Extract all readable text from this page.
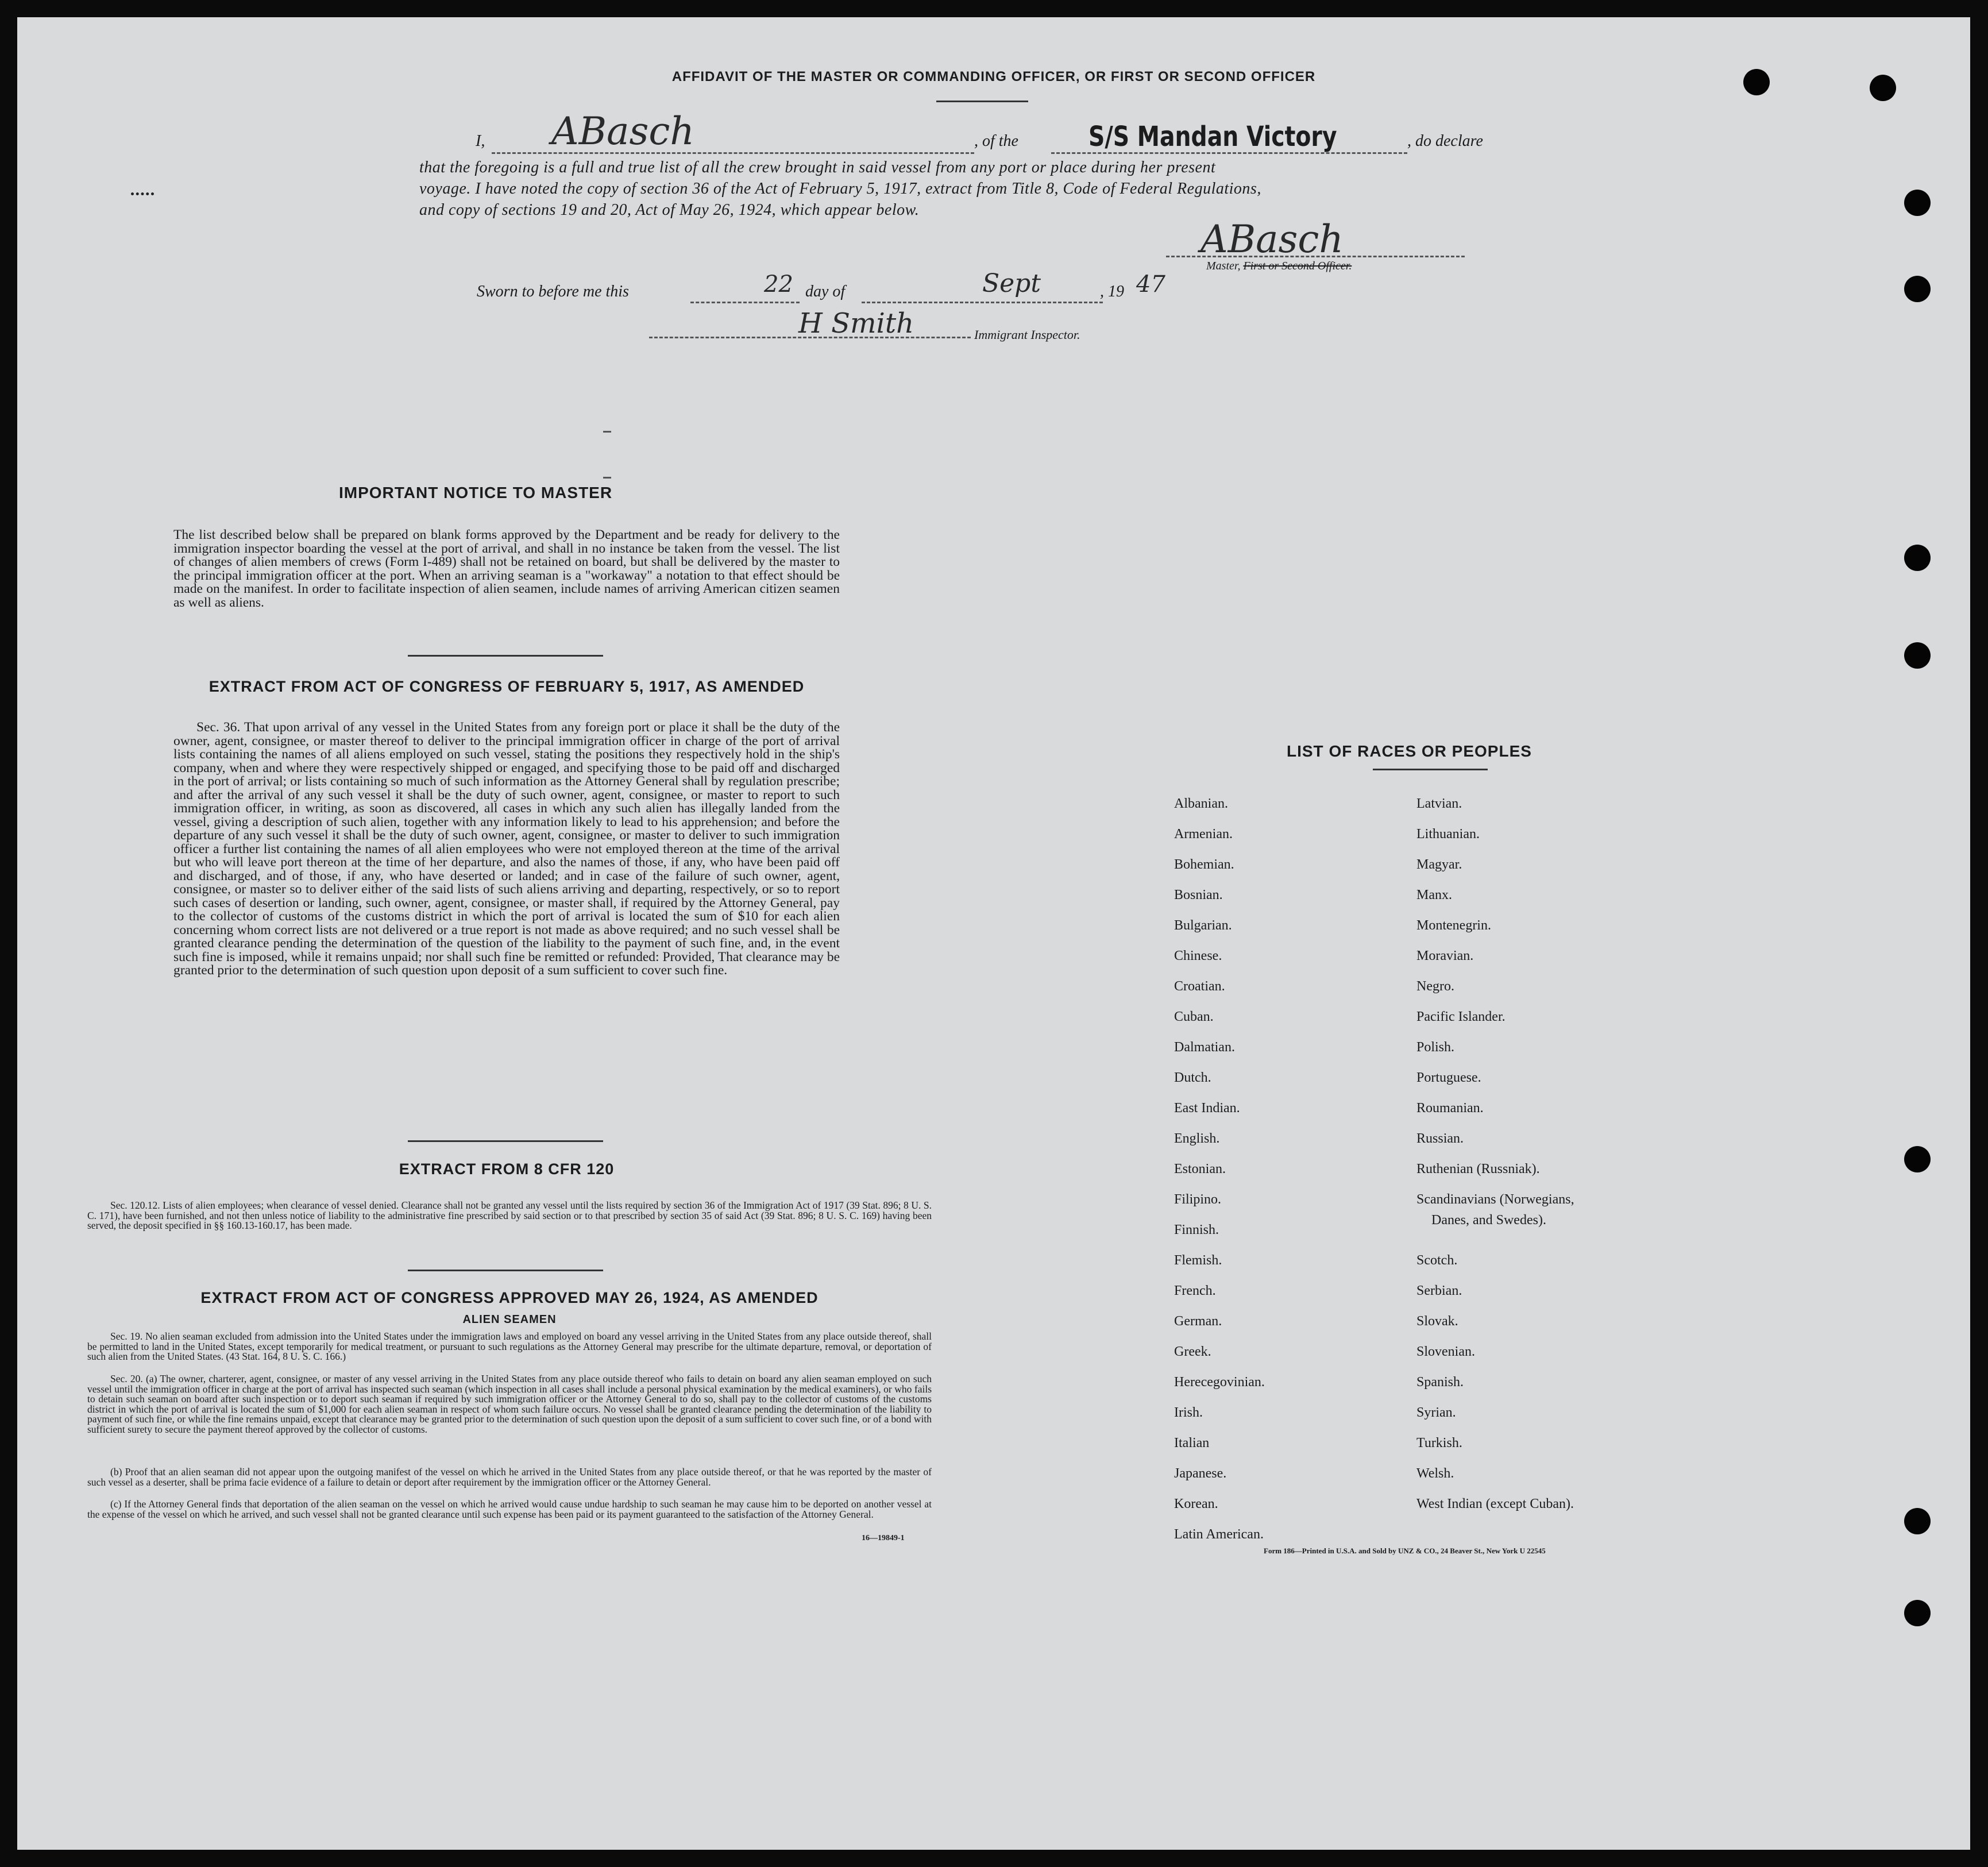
AFFIDAVIT OF THE MASTER OR COMMANDING OFFICER, OR FIRST OR SECOND OFFICER
I, ABasch	, of the	S/S Mandan Victory	, do declare
that the foregoing is a full and true list of all the crew brought in said vessel from any port or place during her present
voyage. I have noted the copy of section 36 of the Act of February 5, 1917, extract from Title 8, Code of Federal Regulations,
and copy of sections 19 and 20, Act of May 26, 1924, which appear below.
ABasch
Master, First or Second Officer.
Sworn to before me this	22 day of	Sept	, 19 47
H Smith	Immigrant Inspector.
IMPORTANT NOTICE TO MASTER
The list described below shall be prepared on blank forms approved by the Department and be ready for delivery to the immigration inspector boarding the vessel at the port of arrival, and shall in no instance be taken from the vessel. The list of changes of alien members of crews (Form I-489) shall not be retained on board, but shall be delivered by the master to the principal immigration officer at the port. When an arriving seaman is a "workaway" a notation to that effect should be made on the manifest. In order to facilitate inspection of alien seamen, include names of arriving American citizen seamen as well as aliens.
EXTRACT FROM ACT OF CONGRESS OF FEBRUARY 5, 1917, AS AMENDED
Sec. 36. That upon arrival of any vessel in the United States from any foreign port or place it shall be the duty of the owner, agent, consignee, or master thereof to deliver to the principal immigration officer in charge of the port of arrival lists containing the names of all aliens employed on such vessel, stating the positions they respectively hold in the ship's company, when and where they were respectively shipped or engaged, and specifying those to be paid off and discharged in the port of arrival; or lists containing so much of such information as the Attorney General shall by regulation prescribe; and after the arrival of any such vessel it shall be the duty of such owner, agent, consignee, or master to report to such immigration officer, in writing, as soon as discovered, all cases in which any such alien has illegally landed from the vessel, giving a description of such alien, together with any information likely to lead to his apprehension; and before the departure of any such vessel it shall be the duty of such owner, agent, consignee, or master to deliver to such immigration officer a further list containing the names of all alien employees who were not employed thereon at the time of the arrival but who will leave port thereon at the time of her departure, and also the names of those, if any, who have been paid off and discharged, and of those, if any, who have deserted or landed; and in case of the failure of such owner, agent, consignee, or master so to deliver either of the said lists of such aliens arriving and departing, respectively, or so to report such cases of desertion or landing, such owner, agent, consignee, or master shall, if required by the Attorney General, pay to the collector of customs of the customs district in which the port of arrival is located the sum of $10 for each alien concerning whom correct lists are not delivered or a true report is not made as above required; and no such vessel shall be granted clearance pending the determination of the question of the liability to the payment of such fine, and, in the event such fine is imposed, while it remains unpaid; nor shall such fine be remitted or refunded: Provided, That clearance may be granted prior to the determination of such question upon deposit of a sum sufficient to cover such fine.
EXTRACT FROM 8 CFR 120
Sec. 120.12. Lists of alien employees; when clearance of vessel denied. Clearance shall not be granted any vessel until the lists required by section 36 of the Immigration Act of 1917 (39 Stat. 896; 8 U. S. C. 171), have been furnished, and not then unless notice of liability to the administrative fine prescribed by said section or to that prescribed by section 35 of said Act (39 Stat. 896; 8 U. S. C. 169) having been served, the deposit specified in §§ 160.13-160.17, has been made.
EXTRACT FROM ACT OF CONGRESS APPROVED MAY 26, 1924, AS AMENDED
ALIEN SEAMEN
Sec. 19. No alien seaman excluded from admission into the United States under the immigration laws and employed on board any vessel arriving in the United States from any place outside thereof, shall be permitted to land in the United States, except temporarily for medical treatment, or pursuant to such regulations as the Attorney General may prescribe for the ultimate departure, removal, or deportation of such alien from the United States. (43 Stat. 164, 8 U. S. C. 166.)
Sec. 20. (a) The owner, charterer, agent, consignee, or master of any vessel arriving in the United States from any place outside thereof who fails to detain on board any alien seaman employed on such vessel until the immigration officer in charge at the port of arrival has inspected such seaman (which inspection in all cases shall include a personal physical examination by the medical examiners), or who fails to detain such seaman on board after such inspection or to deport such seaman if required by such immigration officer or the Attorney General to do so, shall pay to the collector of customs of the customs district in which the port of arrival is located the sum of $1,000 for each alien seaman in respect of whom such failure occurs. No vessel shall be granted clearance pending the determination of the liability to payment of such fine, or while the fine remains unpaid, except that clearance may be granted prior to the determination of such question upon the deposit of a sum sufficient to cover such fine, or of a bond with sufficient surety to secure the payment thereof approved by the collector of customs.
(b) Proof that an alien seaman did not appear upon the outgoing manifest of the vessel on which he arrived in the United States from any place outside thereof, or that he was reported by the master of such vessel as a deserter, shall be prima facie evidence of a failure to detain or deport after requirement by the immigration officer or the Attorney General.
(c) If the Attorney General finds that deportation of the alien seaman on the vessel on which he arrived would cause undue hardship to such seaman he may cause him to be deported on another vessel at the expense of the vessel on which he arrived, and such vessel shall not be granted clearance until such expense has been paid or its payment guaranteed to the satisfaction of the Attorney General.
16—19849-1
LIST OF RACES OR PEOPLES
Albanian.
Armenian.
Bohemian.
Bosnian.
Bulgarian.
Chinese.
Croatian.
Cuban.
Dalmatian.
Dutch.
East Indian.
English.
Estonian.
Filipino.
Finnish.
Flemish.
French.
German.
Greek.
Herecegovinian.
Irish.
Italian
Japanese.
Korean.
Latin American.
Latvian.
Lithuanian.
Magyar.
Manx.
Montenegrin.
Moravian.
Negro.
Pacific Islander.
Polish.
Portuguese.
Roumanian.
Russian.
Ruthenian (Russniak).
Scandinavians (Norwegians,
Danes, and Swedes).
Scotch.
Serbian.
Slovak.
Slovenian.
Spanish.
Syrian.
Turkish.
Welsh.
West Indian (except Cuban).
Form 186—Printed in U.S.A. and Sold by UNZ & CO., 24 Beaver St., New York U 22545
